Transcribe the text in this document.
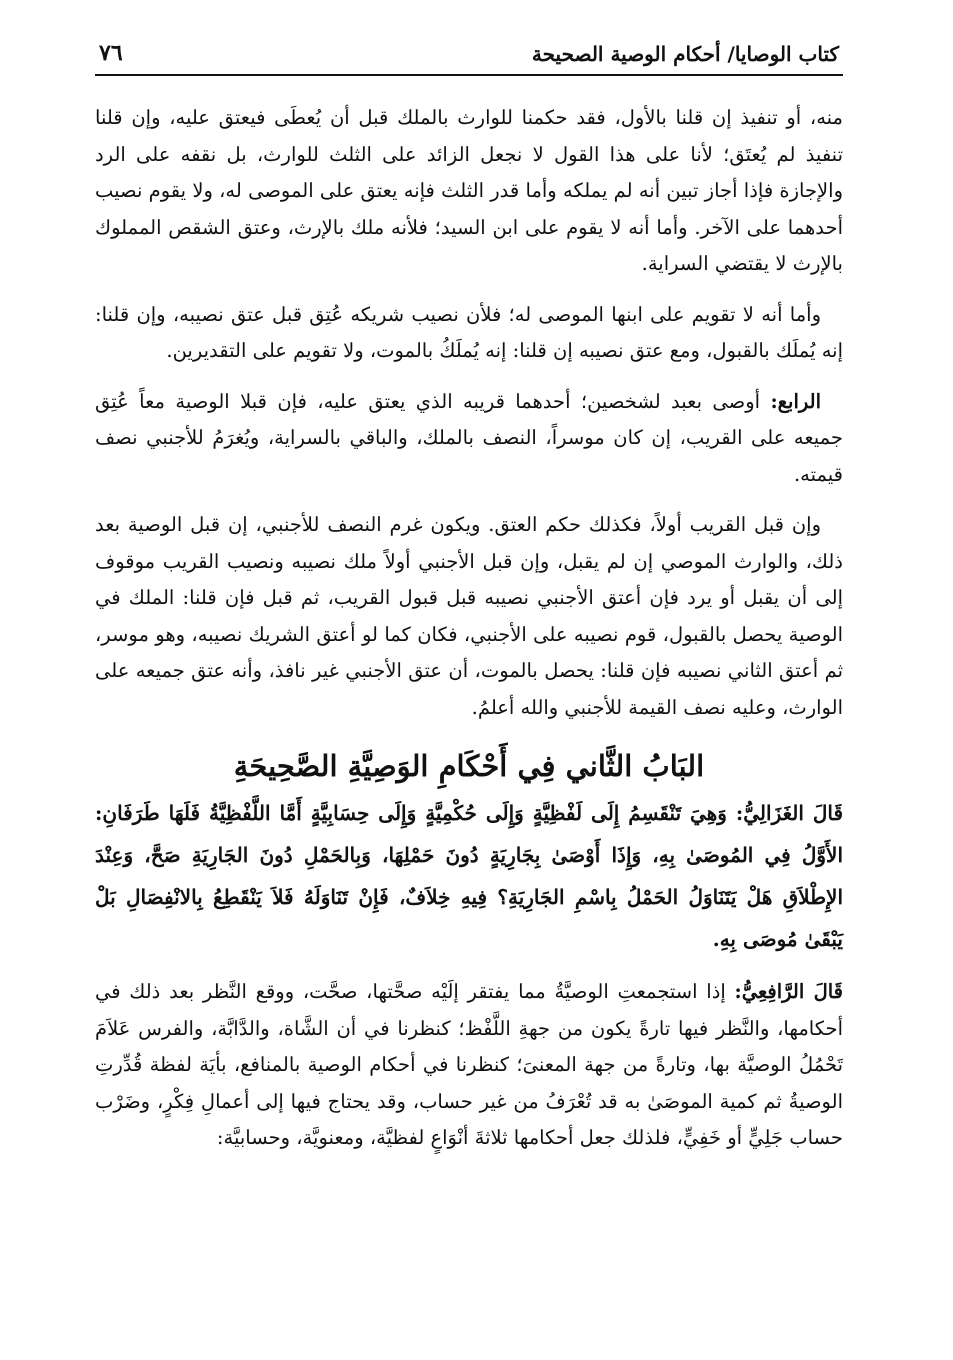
كتاب الوصايا/ أحكام الوصية الصحيحة
٧٦

منه، أو تنفيذ إن قلنا بالأول، فقد حكمنا للوارث بالملك قبل أن يُعطَى فيعتق عليه، وإن قلنا تنفيذ لم يُعتَق؛ لأنا على هذا القول لا نجعل الزائد على الثلث للوارث، بل نقفه على الرد والإجازة فإذا أجاز تبين أنه لم يملكه وأما قدر الثلث فإنه يعتق على الموصى له، ولا يقوم نصيب أحدهما على الآخر. وأما أنه لا يقوم على ابن السيد؛ فلأنه ملك بالإرث، وعتق الشقص المملوك بالإرث لا يقتضي السراية.

وأما أنه لا تقويم على ابنها الموصى له؛ فلأن نصيب شريكه عُتِق قبل عتق نصيبه، وإن قلنا: إنه يُملَك بالقبول، ومع عتق نصيبه إن قلنا: إنه يُملَكُ بالموت، ولا تقويم على التقديرين.

الرابع: أوصى بعبد لشخصين؛ أحدهما قريبه الذي يعتق عليه، فإن قبلا الوصية معاً عُتِق جميعه على القريب، إن كان موسراً، النصف بالملك، والباقي بالسراية، ويُغرَمُ للأجنبي نصف قيمته.

وإن قبل القريب أولاً، فكذلك حكم العتق. ويكون غرم النصف للأجنبي، إن قبل الوصية بعد ذلك، والوارث الموصي إن لم يقبل، وإن قبل الأجنبي أولاً ملك نصيبه ونصيب القريب موقوف إلى أن يقبل أو يرد فإن أعتق الأجنبي نصيبه قبل قبول القريب، ثم قبل فإن قلنا: الملك في الوصية يحصل بالقبول، قوم نصيبه على الأجنبي، فكان كما لو أعتق الشريك نصيبه، وهو موسر، ثم أعتق الثاني نصيبه فإن قلنا: يحصل بالموت، أن عتق الأجنبي غير نافذ، وأنه عتق جميعه على الوارث، وعليه نصف القيمة للأجنبي والله أعلمُ.

البَابُ الثَّاني فِي أَحْكَامِ الوَصِيَّةِ الصَّحِيحَةِ

قَالَ الغَزَالِيُّ: وَهِيَ تَنْقَسِمُ إِلَى لَفْظِيَّةٍ وَإِلَى حُكْمِيَّةٍ وَإِلَى حِسَابِيَّةٍ أَمَّا اللَّفْظِيَّةُ فَلَهَا طَرَفَانِ: الأَوَّلُ فِي المُوصَىٰ بِهِ، وَإِذَا أَوْصَىٰ بِجَارِيَةٍ دُونَ حَمْلِهَا، وَبِالحَمْلِ دُونَ الجَارِيَةِ صَحَّ، وَعِنْدَ الإِطْلاَقِ هَلْ يَتَنَاوَلُ الحَمْلُ بِاسْمِ الجَارِيَةِ؟ فِيهِ خِلاَفٌ، فَإِنْ تَنَاوَلَهُ فَلاَ يَنْقَطِعُ بِالانْفِصَالِ بَلْ يَبْقَىٰ مُوصَى بِهِ.

قَالَ الرَّافِعِيُّ: إذا استجمعتِ الوصيَّةُ مما يفتقر إلَيْه صحَّتها، صحَّت، ووقع النَّظر بعد ذلك في أحكامها، والنَّظر فيها تارةً يكون من جهةِ اللَّفْظ؛ كنظرنا في أن الشَّاة، والدَّابَّة، والفرس عَلاَمَ تَحْمُلُ الوصيَّة بها، وتارةً من جهة المعنىَ؛ كنظرنا في أحكام الوصية بالمنافع، بأيَة لفظة قُدِّرتِ الوصيةُ ثم كمية الموصَىٰ به قد تُعْرَفُ من غير حساب، وقد يحتاج فيها إلى أعمالِ فِكْرٍ، وضَرْب حساب جَلِيٍّ أو خَفِيٍّ، فلذلك جعل أحكامها ثلاثةَ أنْوَاعٍ لفظيَّة، ومعنويَّة، وحسابيَّة:
